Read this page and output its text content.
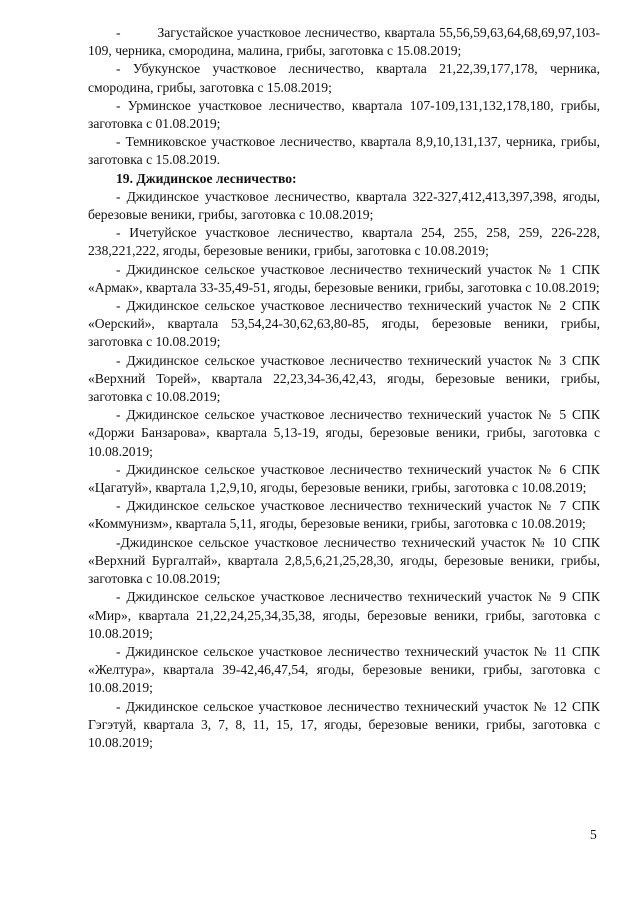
-         Загустайское участковое лесничество, квартала 55,56,59,63,64,68,69,97,103-109, черника, смородина, малина, грибы, заготовка с 15.08.2019;

- Убукунское участковое лесничество, квартала 21,22,39,177,178, черника, смородина, грибы, заготовка с 15.08.2019;

- Урминское участковое лесничество, квартала 107-109,131,132,178,180, грибы, заготовка с 01.08.2019;

- Темниковское участковое лесничество, квартала 8,9,10,131,137, черника, грибы, заготовка с 15.08.2019.

19. Джидинское лесничество:

- Джидинское участковое лесничество, квартала 322-327,412,413,397,398, ягоды, березовые веники, грибы, заготовка с 10.08.2019;

- Ичетуйское участковое лесничество, квартала 254, 255, 258, 259, 226-228, 238,221,222, ягоды, березовые веники, грибы, заготовка с 10.08.2019;

- Джидинское сельское участковое лесничество технический участок № 1 СПК «Армак», квартала 33-35,49-51, ягоды, березовые веники, грибы, заготовка с 10.08.2019;

- Джидинское сельское участковое лесничество технический участок № 2 СПК «Оерский», квартала 53,54,24-30,62,63,80-85, ягоды, березовые веники, грибы, заготовка с 10.08.2019;

- Джидинское сельское участковое лесничество технический участок № 3 СПК «Верхний Торей», квартала 22,23,34-36,42,43, ягоды, березовые веники, грибы, заготовка с 10.08.2019;

- Джидинское сельское участковое лесничество технический участок № 5 СПК «Доржи Банзарова», квартала 5,13-19, ягоды, березовые веники, грибы, заготовка с 10.08.2019;

- Джидинское сельское участковое лесничество технический участок № 6 СПК «Цагатуй», квартала 1,2,9,10, ягоды, березовые веники, грибы, заготовка с 10.08.2019;

- Джидинское сельское участковое лесничество технический участок № 7 СПК «Коммунизм», квартала 5,11, ягоды, березовые веники, грибы, заготовка с 10.08.2019;

-Джидинское сельское участковое лесничество технический участок № 10 СПК «Верхний Бургалтай», квартала 2,8,5,6,21,25,28,30, ягоды, березовые веники, грибы, заготовка с 10.08.2019;

- Джидинское сельское участковое лесничество технический участок № 9 СПК «Мир», квартала 21,22,24,25,34,35,38, ягоды, березовые веники, грибы, заготовка с 10.08.2019;

- Джидинское сельское участковое лесничество технический участок № 11 СПК «Желтура», квартала 39-42,46,47,54, ягоды, березовые веники, грибы, заготовка с 10.08.2019;

- Джидинское сельское участковое лесничество технический участок № 12 СПК Гэгэтуй, квартала 3, 7, 8, 11, 15, 17, ягоды, березовые веники, грибы, заготовка с 10.08.2019;

5
